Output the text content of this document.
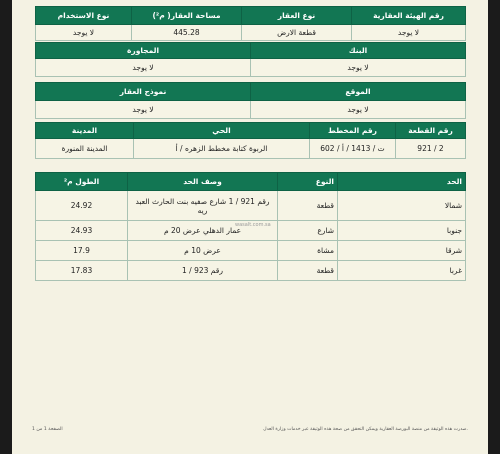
نوع الاستخدام	مساحة العقار( م²)	نوع العقار	رقم الهيئة العقارية
لا يوجد	445.28	قطعة الارض	لا يوجد
المجاورة	البنك
لا يوجد	لا يوجد
نموذج العقار	الموقع
لا يوجد	لا يوجد
المدينة	الحي	رقم المخطط	رقم القطعة
المدينة المنورة	الربوة كتابة مخطط الزهره / أ	602 / ت / 1413 / أ	921 / 2
الطول م²	وصف الحد	النوع	الحد
24.92	رقم 921 / 1 شارع صفيه بنت الحارث العبد ريه	قطعة	شمالا
24.93	عمار الدهلي عرض 20 م	شارع	جنوبا
17.9	عرض 10 م	مشاة	شرقا
17.83	رقم 923 / 1	قطعة	غربا
wasalt.com.sa
صدرت هذه الوثيقة من منصة البورصة العقارية ويمكن التحقق من صحة هذه الوثيقة عبر خدمات وزارة العدل.
الصفحة 1 من 1
